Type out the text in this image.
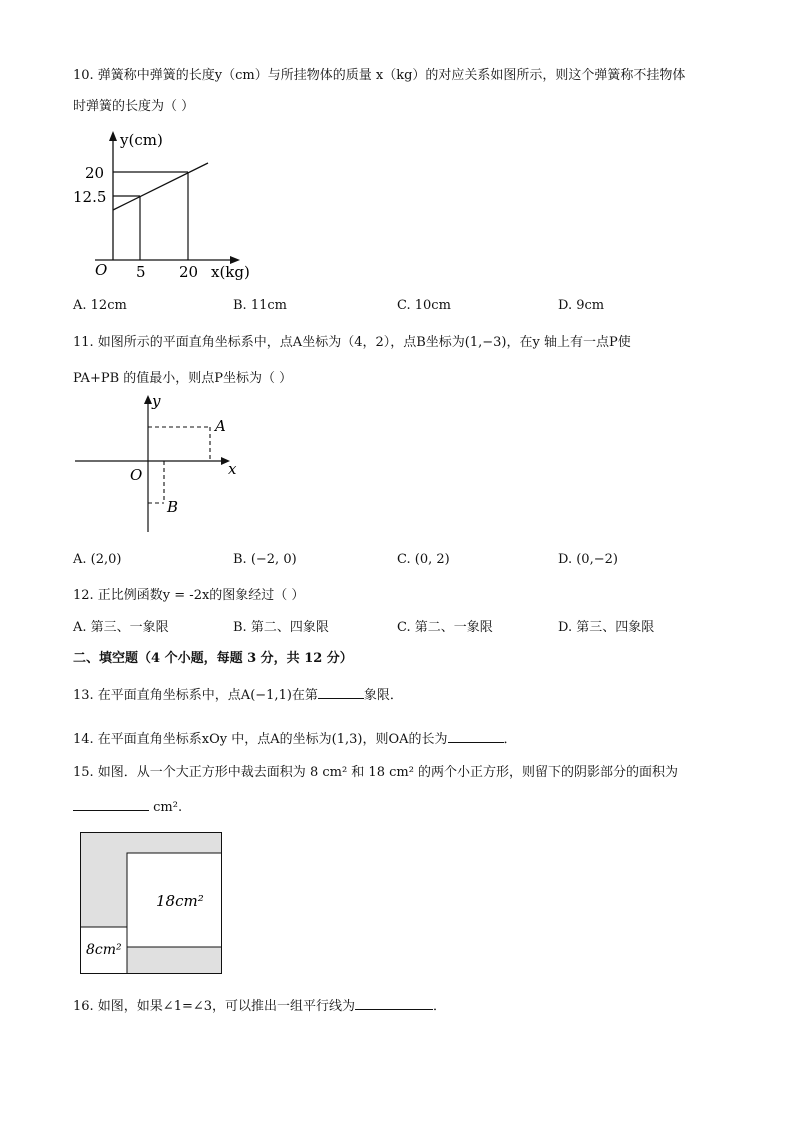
10. 弹簧称中弹簧的长度y（cm）与所挂物体的质量 x（kg）的对应关系如图所示，则这个弹簧称不挂物体
时弹簧的长度为（ ）
y(cm)
20
12.5
O 5 20 x(kg)
A. 12cm	B. 11cm	C. 10cm	D. 9cm
11. 如图所示的平面直角坐标系中，点A坐标为（4，2），点B坐标为(1,−3)，在y 轴上有一点P使
PA+PB 的值最小，则点P坐标为（ ）
y
x
O
A
B
A. (2,0)	B. (−2, 0)	C. (0, 2)	D. (0,−2)
12. 正比例函数y = -2x的图象经过（ ）
A. 第三、一象限	B. 第二、四象限	C. 第二、一象限	D. 第三、四象限
二、填空题（4 个小题，每题 3 分，共 12 分）
13. 在平面直角坐标系中，点A(−1,1)在第	象限．
14. 在平面直角坐标系xOy 中，点A的坐标为(1,3)，则OA的长为	．
15. 如图．从一个大正方形中裁去面积为 8 cm² 和 18 cm² 的两个小正方形，则留下的阴影部分的面积为
cm².
18cm²
8cm²
16. 如图，如果∠1=∠3，可以推出一组平行线为	．
